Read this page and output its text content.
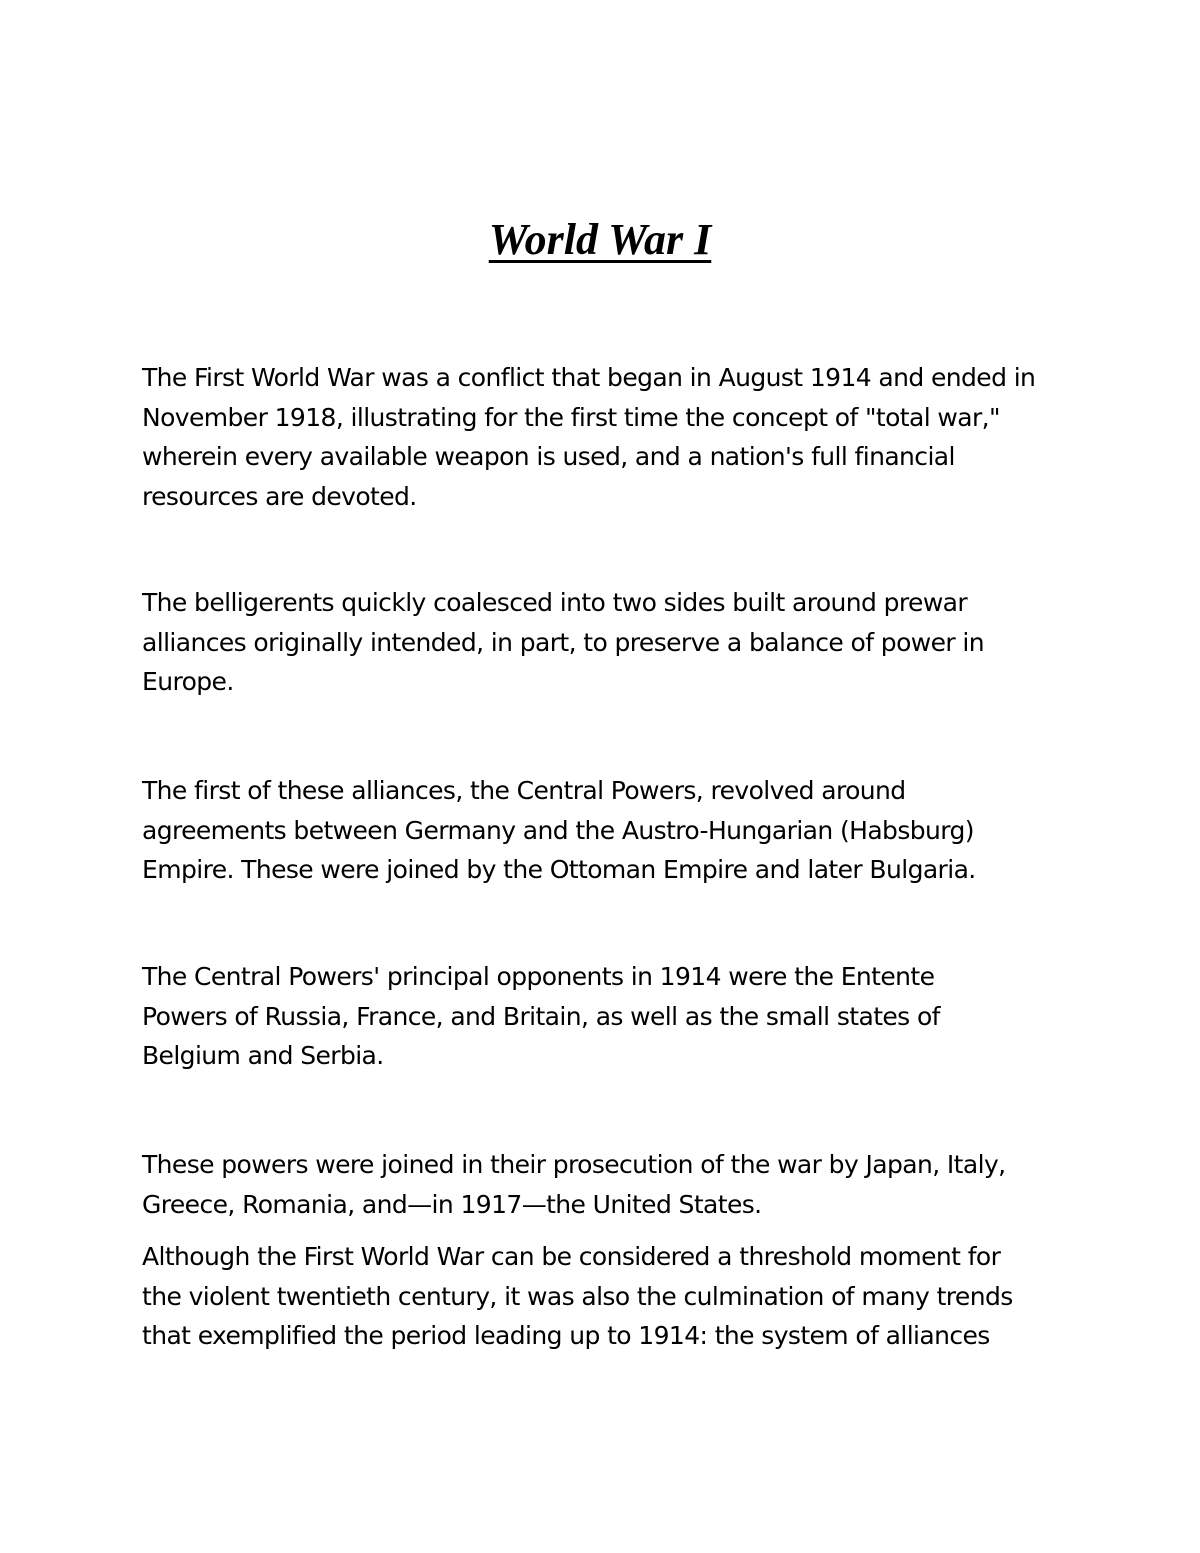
World War I

The First World War was a conflict that began in August 1914 and ended in
November 1918, illustrating for the first time the concept of "total war,"
wherein every available weapon is used, and a nation's full financial
resources are devoted.

The belligerents quickly coalesced into two sides built around prewar
alliances originally intended, in part, to preserve a balance of power in
Europe.

The first of these alliances, the Central Powers, revolved around
agreements between Germany and the Austro-Hungarian (Habsburg)
Empire. These were joined by the Ottoman Empire and later Bulgaria.

The Central Powers' principal opponents in 1914 were the Entente
Powers of Russia, France, and Britain, as well as the small states of
Belgium and Serbia.

These powers were joined in their prosecution of the war by Japan, Italy,
Greece, Romania, and—in 1917—the United States.

Although the First World War can be considered a threshold moment for
the violent twentieth century, it was also the culmination of many trends
that exemplified the period leading up to 1914: the system of alliances
